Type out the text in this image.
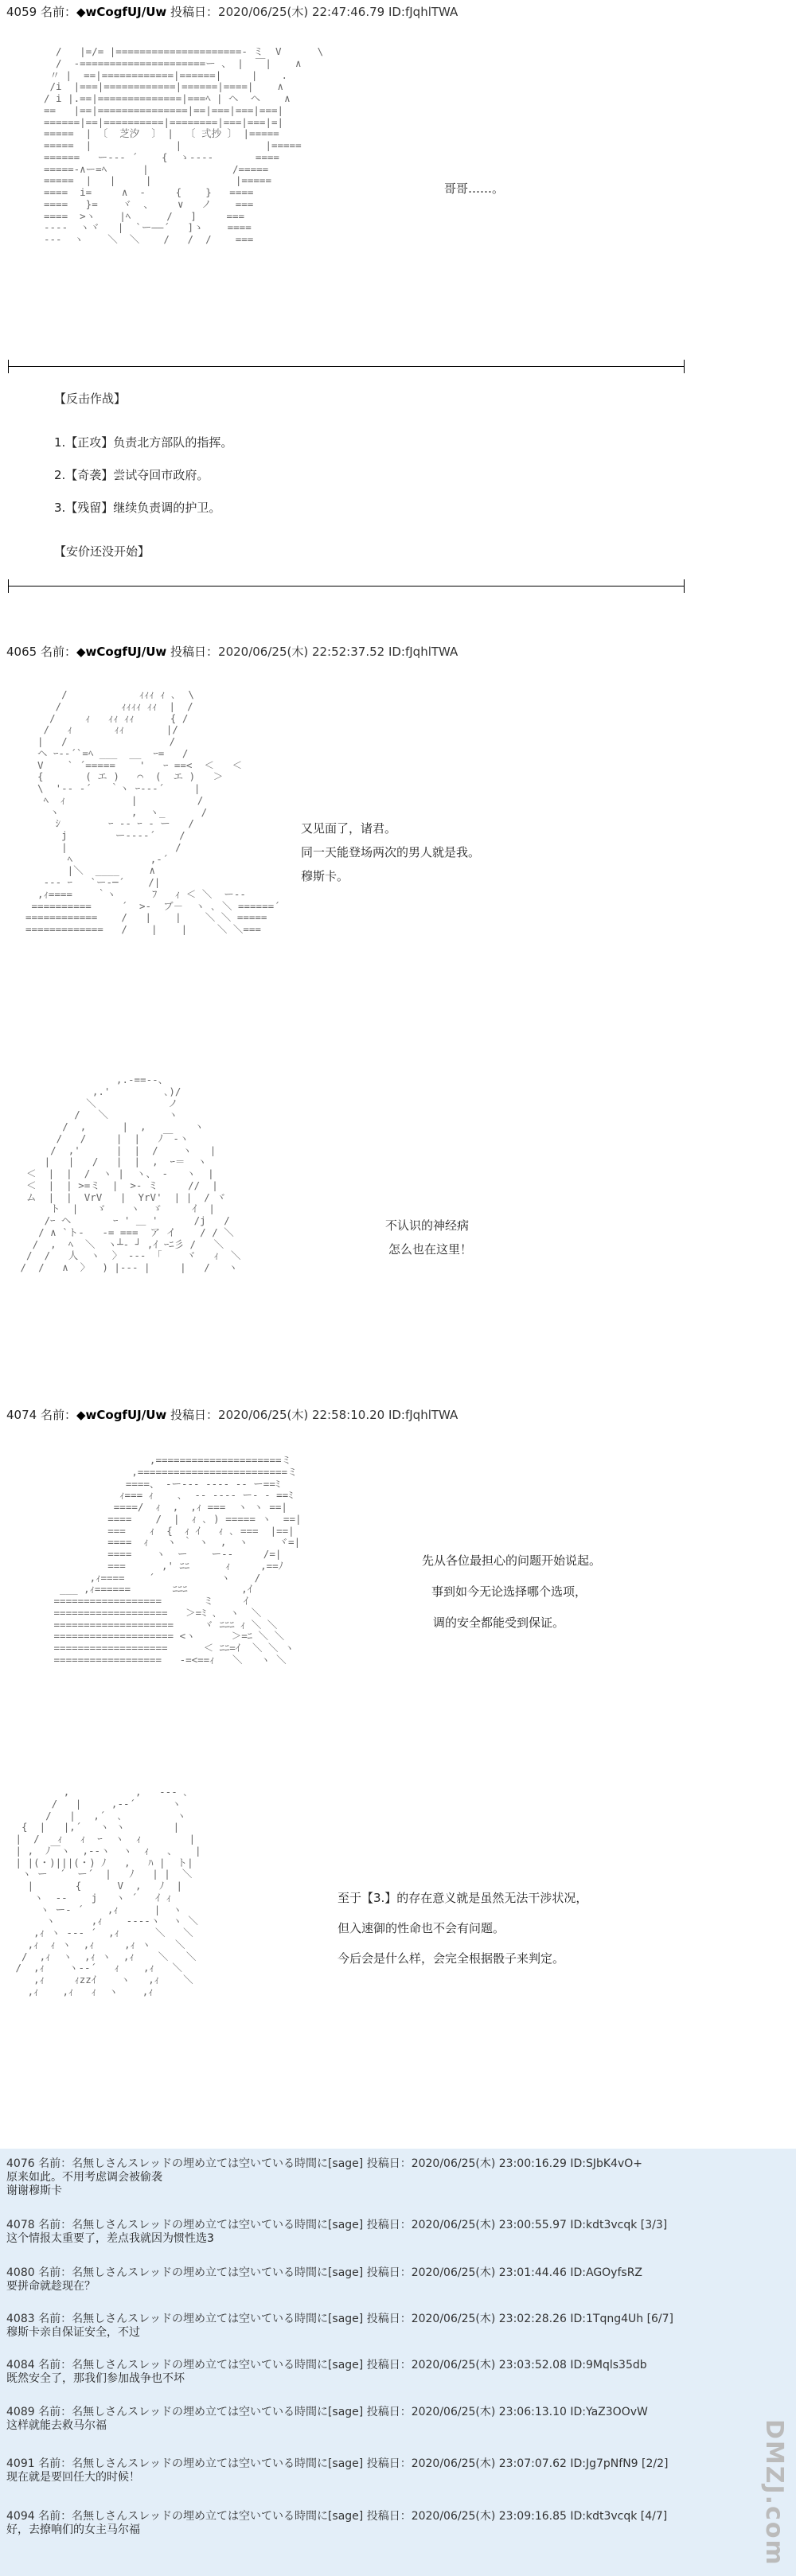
4059 名前：◆wCogfUJ/Uw 投稿日：2020/06/25(木) 22:47:46.79 ID:fJqhlTWA
/   |=/= |=====================- ミ  V      \
/  ‐=====================ー 、 |  ￣|    ∧
〃 |  ==|============|======|     |    .
/i  |===|============|======|====|    ∧
/ i |.==|==============|===ﾍ | ヘ  ヘ    ∧
==   |==|===============|==|===|===|===|
======|==|==========|========|===|===|=|
=====  | 〔  芝汐  〕 |  〔 弍抄 〕 |=====
=====  |              |              |=====
======   ー--- ´    {  ゝ----       ====
=====‐∧ー=ﾍ      |              /=====
=====  |   |     |              |=====
====  i=     ∧  ‐     {    }   ====
====   }=    ヾ  、    ∨   ノ    ===
====  >ヽ    |ﾍ      /   ]     ===
‐‐‐‐  ヽヾ   |  `ー――´   ]ゝ    ====
‐‐‐  ヽ    ＼  ＼    /   /  /    ===
哥哥……。
【反击作战】
1.【正攻】负责北方部队的指挥。
2.【奇袭】尝试夺回市政府。
3.【残留】继续负责调的护卫。
【安价还没开始】
4065 名前：◆wCogfUJ/Uw 投稿日：2020/06/25(木) 22:52:37.52 ID:fJqhlTWA
/            ｨｨｨ ｨ ､  \
/          ｨｨｨｨ ｨｨ  |  /
/     ｨ   ｨｨ ｨｨ      { /
/   ｨ       ｨｨ       |/
|   /                 /
ヘ ｰ--´`=ﾍ ___  __  ｰ=   /
V    ` ´=====    '   ｰ ==<  ＜   ＜
{       ( エ )   ⌒  (  エ )   ＞
\  '-- -´   ｀ヽ ｰ---´     |
ﾍ  ｨ           |          /
ヽ            ,  ヽ_      /
ｼ        ｰ -- ｰ ‐ ー   /
j        ー‐‐‐‐´    /
|                  /
ﾍ             ,‐´
|＼  ____     ∧
‐‐‐ ｰ   `ー‐─´    /|
,ｨ====    ｀ヽ      ﾌ   ｨ ＜ ＼  ー‐‐
==========     ´  >-  ブ－  ヽ ､ ＼ ======´
============    /   |    |    ＼ ＼ =====
=============   /    |    |     ＼ ＼===
又见面了，诸君。
同一天能登场两次的男人就是我。
穆斯卡。
,.-==-‐、
,.'         ､)/
＼            ノ
/   ＼          ヽ
/  ,      |  ,        ヽ
/   /     |  |   ﾉ￣-ヽ
/  ,'      |  |  /    ヽ   |
|   |   /   |  |  ,  ｰ＝  ヽ
＜  |  |  /  ヽ |  ヽ、 -   ヽ  |
＜  |  | >=ミ  |  >- ミ     //  |
ム  |  |  VrV   |  YrV'  | |  / ヾ
ト  |   ゞ    ヽ  ゞ     ｲ  |
/ｰ ヘ       ｰ ' ＿ '      /j   /
/ ∧ `ト-   -= ===  ア イ    / / ＼
/  ,  ﾍ  ＼  ヽ┴- ┘ ,ｲ ｰﾆ彡 /   ＼
/  /   人  ヽ  〉 -‐‐ 「    ヾ   ｨ  ＼
/  /   ∧  〉  ) |‐‐‐ |     |   /   ヽ
不认识的神经病
怎么也在这里！
4074 名前：◆wCogfUJ/Uw 投稿日：2020/06/25(木) 22:58:10.20 ID:fJqhlTWA
,=====================ミ
,=========================ミ
====、 ‐ー‐‐‐ ‐‐‐‐ ‐‐ ー==ﾐ
ｨ=== ｨ    ､  ‐‐ ‐‐‐‐ ー‐ ‐ ==ﾐ
====/  ｨ  ,  ,ｨ ===  ヽ ヽ ==|
====    /  |  ｨ ､ ) ===== ヽ  ==|
===    ｨ  {  ｨ ｲ   ｨ ､ ===  |==|
====  ｨ   ヽ ｀ ヽ  ,  ヽ     ヾ=|
====    ヽ  ー    ー‐‐     /=|
===      ,' ﾆﾆ      ｨ     ,==ﾉ
,ｨ====    ´           ヽ    /
___ ,ｨ======       ﾆﾆﾆ         ,ｲ
==================       ミ     ｲ
===================   ＞=ﾐ ､  ヽ  ＼
====================     ヾ ﾆﾆﾆ ｨ ＼ ＼
==================== <ヽ      ＞=ﾆ ＼ ＼
===================      ＜ ﾆﾆ=ｲ  ＼ ＼ ヽ
==================   ‐=<==ｨ   ＼   ヽ ＼
先从各位最担心的问题开始说起。
事到如今无论选择哪个选项，
调的安全都能受到保证。
,           ,   -‐‐ ､
/   |     ,-‐´      ヽ
/   |   ,´  ､         ヽ
{  |   |,´   ヽ ヽ        |
|  /   ｨ   ｨ  ｰ  ヽ  ｨ        |
| ,  ﾉ￣ヽ  ,‐‐ヽ  ヽ  ｨ   、   |
| |(・)|||(・) ﾉ   ,   ﾊ |  ト|
ヽ ー  ´  ー´  |   ﾉ   | |  ＼
|       {      V  ,   ﾉ  |
ヽ  ‐‐    j   ヽ ´   ｲ ｨ
ヽ ー‐ ´    ,ｨ      |  ヽ
ヽ      ,ｨ    ‐‐‐‐ヽ  ヽ ＼
,ｨ ヽ ‐‐‐ ´  ,ｨ      ＼   ＼
,ｨ  ｨ ヽ  ,ｨ     ,ｨ ヽ    ＼
/  ,ｨ  ヽ  ,ｨ ヽ  ,ｨ    ＼   ＼
/  ,ｨ    ヽ-‐´   ｨ    ,ｨ   ＼
,ｨ     ｨzzｲ    ヽ   ,ｨ    ＼
,ｨ    ,ｨ   ｨ  ヽ    ,ｨ
至于【3.】的存在意义就是虽然无法干涉状况，
但入速御的性命也不会有问题。
今后会是什么样，会完全根据骰子来判定。
4076 名前：名無しさんスレッドの埋め立ては空いている時間に[sage] 投稿日：2020/06/25(木) 23:00:16.29 ID:SJbK4vO+
原来如此。不用考虑调会被偷袭
谢谢穆斯卡
4078 名前：名無しさんスレッドの埋め立ては空いている時間に[sage] 投稿日：2020/06/25(木) 23:00:55.97 ID:kdt3vcqk [3/3]
这个情报太重要了，差点我就因为惯性选3
4080 名前：名無しさんスレッドの埋め立ては空いている時間に[sage] 投稿日：2020/06/25(木) 23:01:44.46 ID:AGOyfsRZ
要拼命就趁现在？
4083 名前：名無しさんスレッドの埋め立ては空いている時間に[sage] 投稿日：2020/06/25(木) 23:02:28.26 ID:1Tqng4Uh [6/7]
穆斯卡亲自保证安全，不过
4084 名前：名無しさんスレッドの埋め立ては空いている時間に[sage] 投稿日：2020/06/25(木) 23:03:52.08 ID:9Mqls35db
既然安全了，那我们参加战争也不坏
4089 名前：名無しさんスレッドの埋め立ては空いている時間に[sage] 投稿日：2020/06/25(木) 23:06:13.10 ID:YaZ3OOvW
这样就能去救马尔福
4091 名前：名無しさんスレッドの埋め立ては空いている時間に[sage] 投稿日：2020/06/25(木) 23:07:07.62 ID:Jg7pNfN9 [2/2]
现在就是要回任大的时候！
4094 名前：名無しさんスレッドの埋め立ては空いている時間に[sage] 投稿日：2020/06/25(木) 23:09:16.85 ID:kdt3vcqk [4/7]
好，去撩响们的女主马尔福	DMZJ.com
